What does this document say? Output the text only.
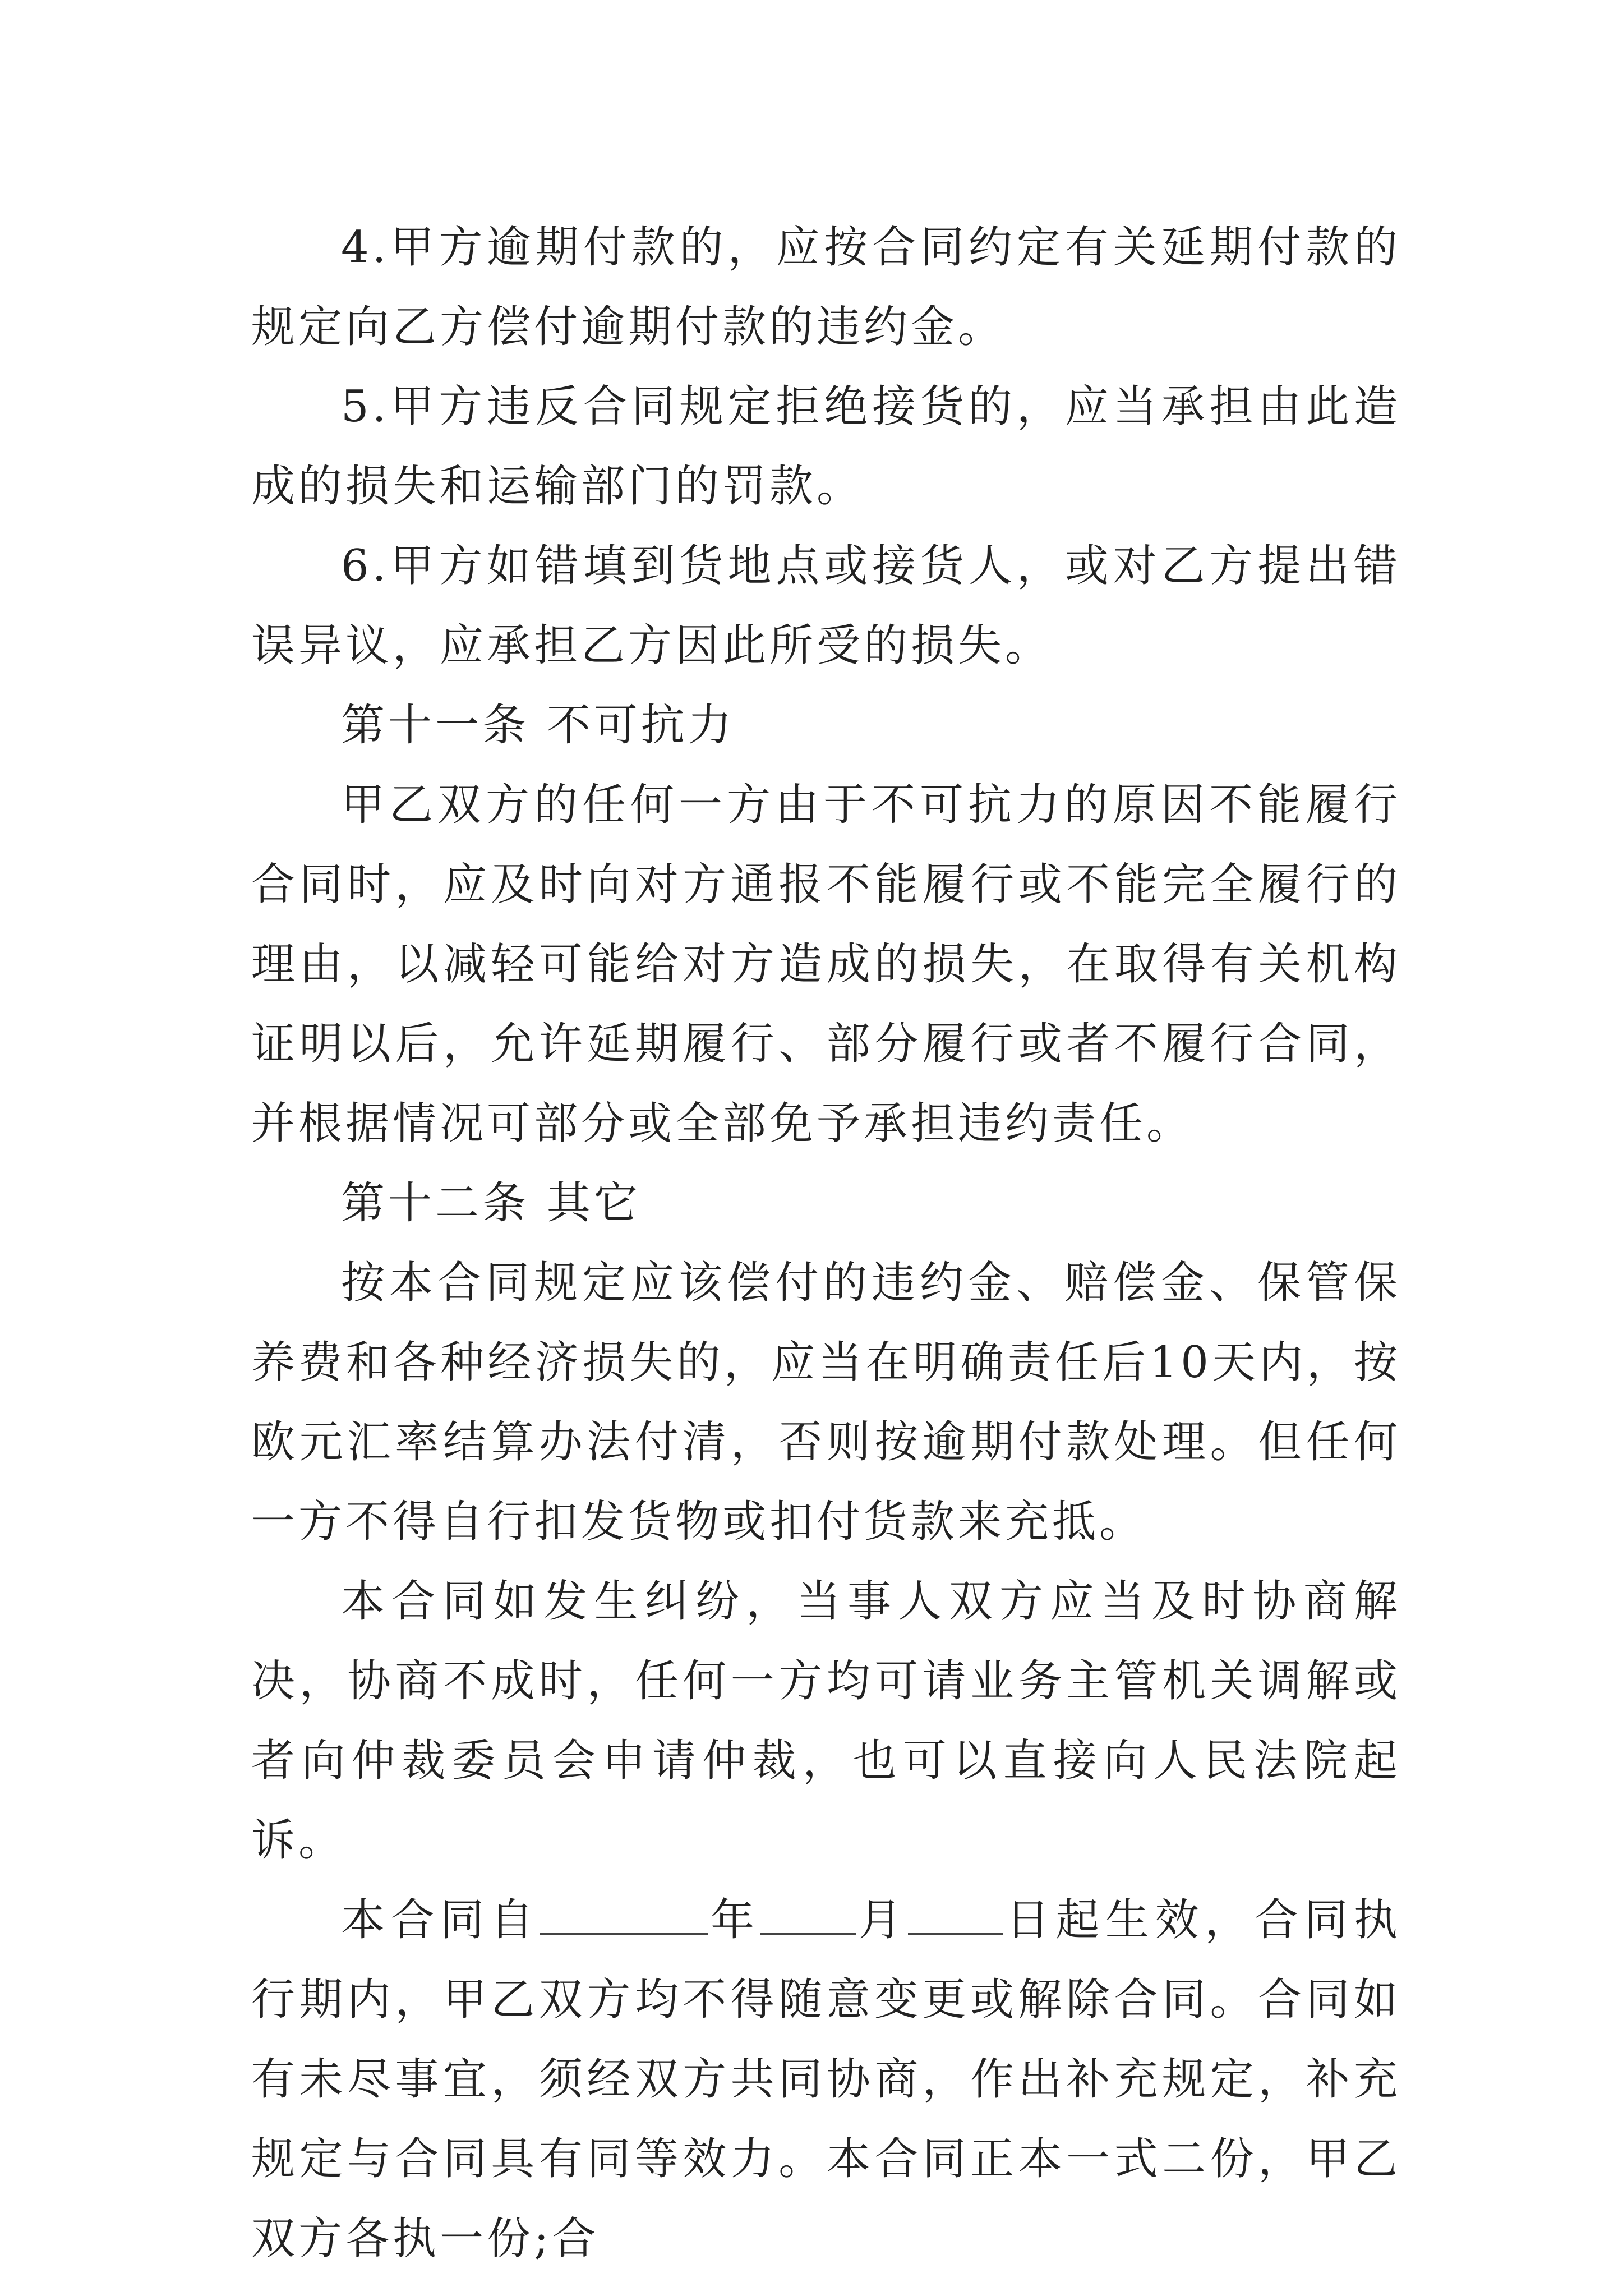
4.甲方逾期付款的，应按合同约定有关延期付款的规定向乙方偿付逾期付款的违约金。

5.甲方违反合同规定拒绝接货的，应当承担由此造成的损失和运输部门的罚款。

6.甲方如错填到货地点或接货人，或对乙方提出错误异议，应承担乙方因此所受的损失。

第十一条 不可抗力

甲乙双方的任何一方由于不可抗力的原因不能履行合同时，应及时向对方通报不能履行或不能完全履行的理由，以减轻可能给对方造成的损失，在取得有关机构证明以后，允许延期履行、部分履行或者不履行合同，并根据情况可部分或全部免予承担违约责任。

第十二条 其它

按本合同规定应该偿付的违约金、赔偿金、保管保养费和各种经济损失的，应当在明确责任后10天内，按欧元汇率结算办法付清，否则按逾期付款处理。但任何一方不得自行扣发货物或扣付货款来充抵。

本合同如发生纠纷，当事人双方应当及时协商解决，协商不成时，任何一方均可请业务主管机关调解或者向仲裁委员会申请仲裁，也可以直接向人民法院起诉。

本合同自	年 月 日起生效，合同执行期内，甲乙双方均不得随意变更或解除合同。合同如有未尽事宜，须经双方共同协商，作出补充规定，补充规定与合同具有同等效力。本合同正本一式二份，甲乙双方各执一份;合
